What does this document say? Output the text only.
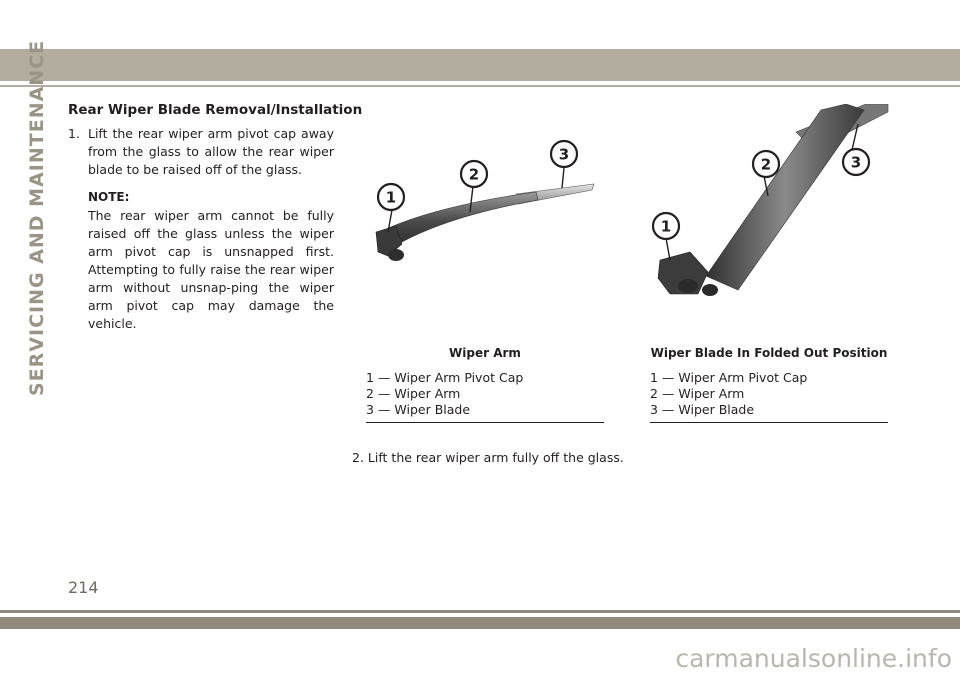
SERVICING AND MAINTENANCE Rear Wiper Blade Removal/Installation
1. Lift the rear wiper arm pivot cap away from the glass to allow the rear wiper blade to be raised off of the glass.
NOTE:
The rear wiper arm cannot be fully raised off the glass unless the wiper arm pivot cap is unsnapped first. Attempting to fully raise the rear wiper arm without unsnap-ping the wiper arm pivot cap may damage the vehicle.
1
2
3
1
2	3
Wiper Arm	Wiper Blade In Folded Out Position
1 — Wiper Arm Pivot Cap
2 — Wiper Arm
3 — Wiper Blade
1 — Wiper Arm Pivot Cap
2 — Wiper Arm
3 — Wiper Blade
2. Lift the rear wiper arm fully off the glass.
214
carmanualsonline.info
